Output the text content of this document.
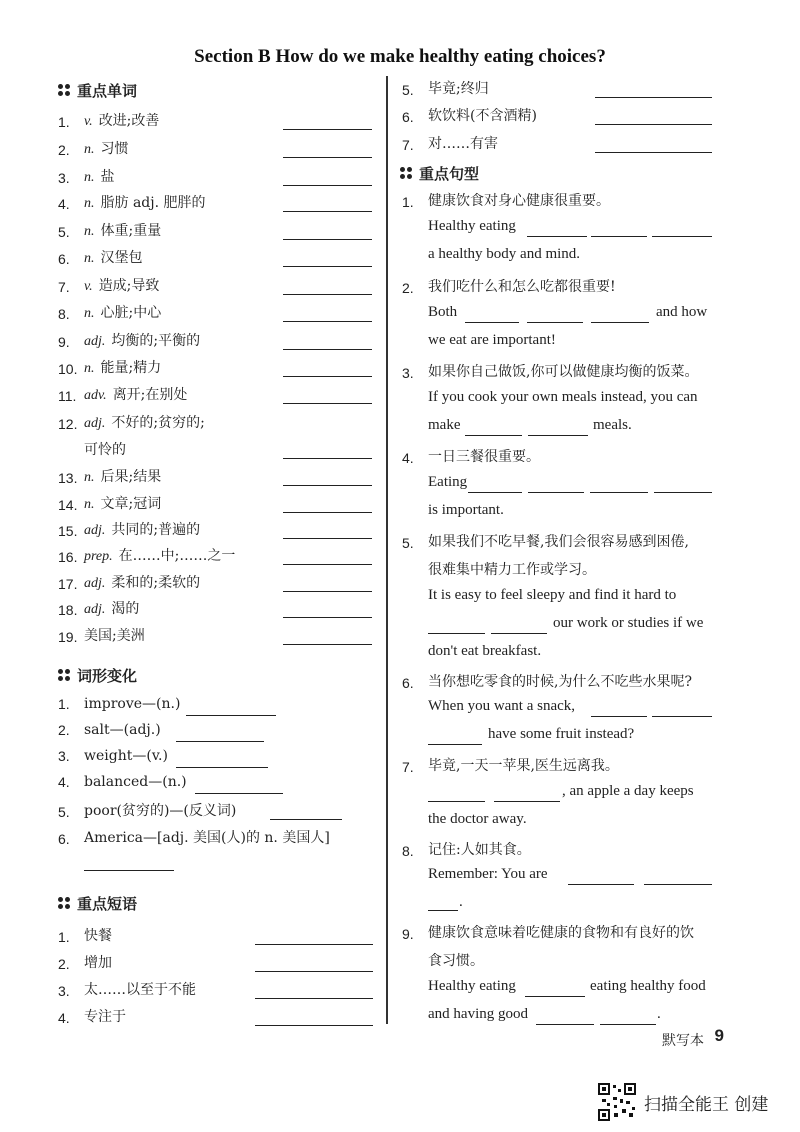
Section B How do we make healthy eating choices?
重点单词
1.	v. 改进;改善
2.	n. 习惯
3.	n. 盐
4.	n. 脂肪 adj. 肥胖的
5.	n. 体重;重量
6.	n. 汉堡包
7.	v. 造成;导致
8.	n. 心脏;中心
9.	adj. 均衡的;平衡的
10. n. 能量;精力
11. adv. 离开;在别处
12. adj. 不好的;贫穷的;
可怜的
13. n. 后果;结果
14. n. 文章;冠词
15. adj. 共同的;普遍的
16. prep. 在……中;……之一
17. adj. 柔和的;柔软的
18. adj. 渴的
19. 美国;美洲
词形变化
1.	improve—(n.)
2.	salt—(adj.)
3.	weight—(v.)
4.	balanced—(n.)
5.	poor(贫穷的)—(反义词)
6.	America—[adj. 美国(人)的 n. 美国人]
重点短语
1.	快餐
2.	增加
3.	太……以至于不能
4.	专注于
5.	毕竟;终归
6.	软饮料(不含酒精)
7.	对……有害
重点句型
1.	健康饮食对身心健康很重要。
Healthy eating
a healthy body and mind.
2.	我们吃什么和怎么吃都很重要!
Both	and how
we eat are important!
3.	如果你自己做饭,你可以做健康均衡的饭菜。
If you cook your own meals instead, you can
make	meals.
4.	一日三餐很重要。
Eating
is important.
5.	如果我们不吃早餐,我们会很容易感到困倦,
很难集中精力工作或学习。
It is easy to feel sleepy and find it hard to
our work or studies if we
don't eat breakfast.
6.	当你想吃零食的时候,为什么不吃些水果呢?
When you want a snack,
have some fruit instead?
7.	毕竟,一天一苹果,医生远离我。
, an apple a day keeps
the doctor away.
8.	记住:人如其食。
Remember: You are
.
9.	健康饮食意味着吃健康的食物和有良好的饮
食习惯。
Healthy eating	eating healthy food
and having good	.
默写本 9
扫描全能王 创建
